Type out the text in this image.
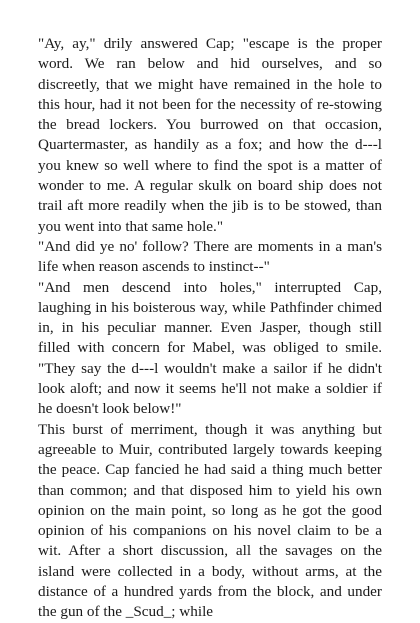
"Ay, ay," drily answered Cap; "escape is the proper word. We ran below and hid ourselves, and so discreetly, that we might have remained in the hole to this hour, had it not been for the necessity of re-stowing the bread lockers. You burrowed on that occasion, Quartermaster, as handily as a fox; and how the d---l you knew so well where to find the spot is a matter of wonder to me. A regular skulk on board ship does not trail aft more readily when the jib is to be stowed, than you went into that same hole."

"And did ye no' follow? There are moments in a man's life when reason ascends to instinct--"

"And men descend into holes," interrupted Cap, laughing in his boisterous way, while Pathfinder chimed in, in his peculiar manner. Even Jasper, though still filled with concern for Mabel, was obliged to smile. "They say the d---l wouldn't make a sailor if he didn't look aloft; and now it seems he'll not make a soldier if he doesn't look below!"

This burst of merriment, though it was anything but agreeable to Muir, contributed largely towards keeping the peace. Cap fancied he had said a thing much better than common; and that disposed him to yield his own opinion on the main point, so long as he got the good opinion of his companions on his novel claim to be a wit. After a short discussion, all the savages on the island were collected in a body, without arms, at the distance of a hundred yards from the block, and under the gun of the _Scud_; while
